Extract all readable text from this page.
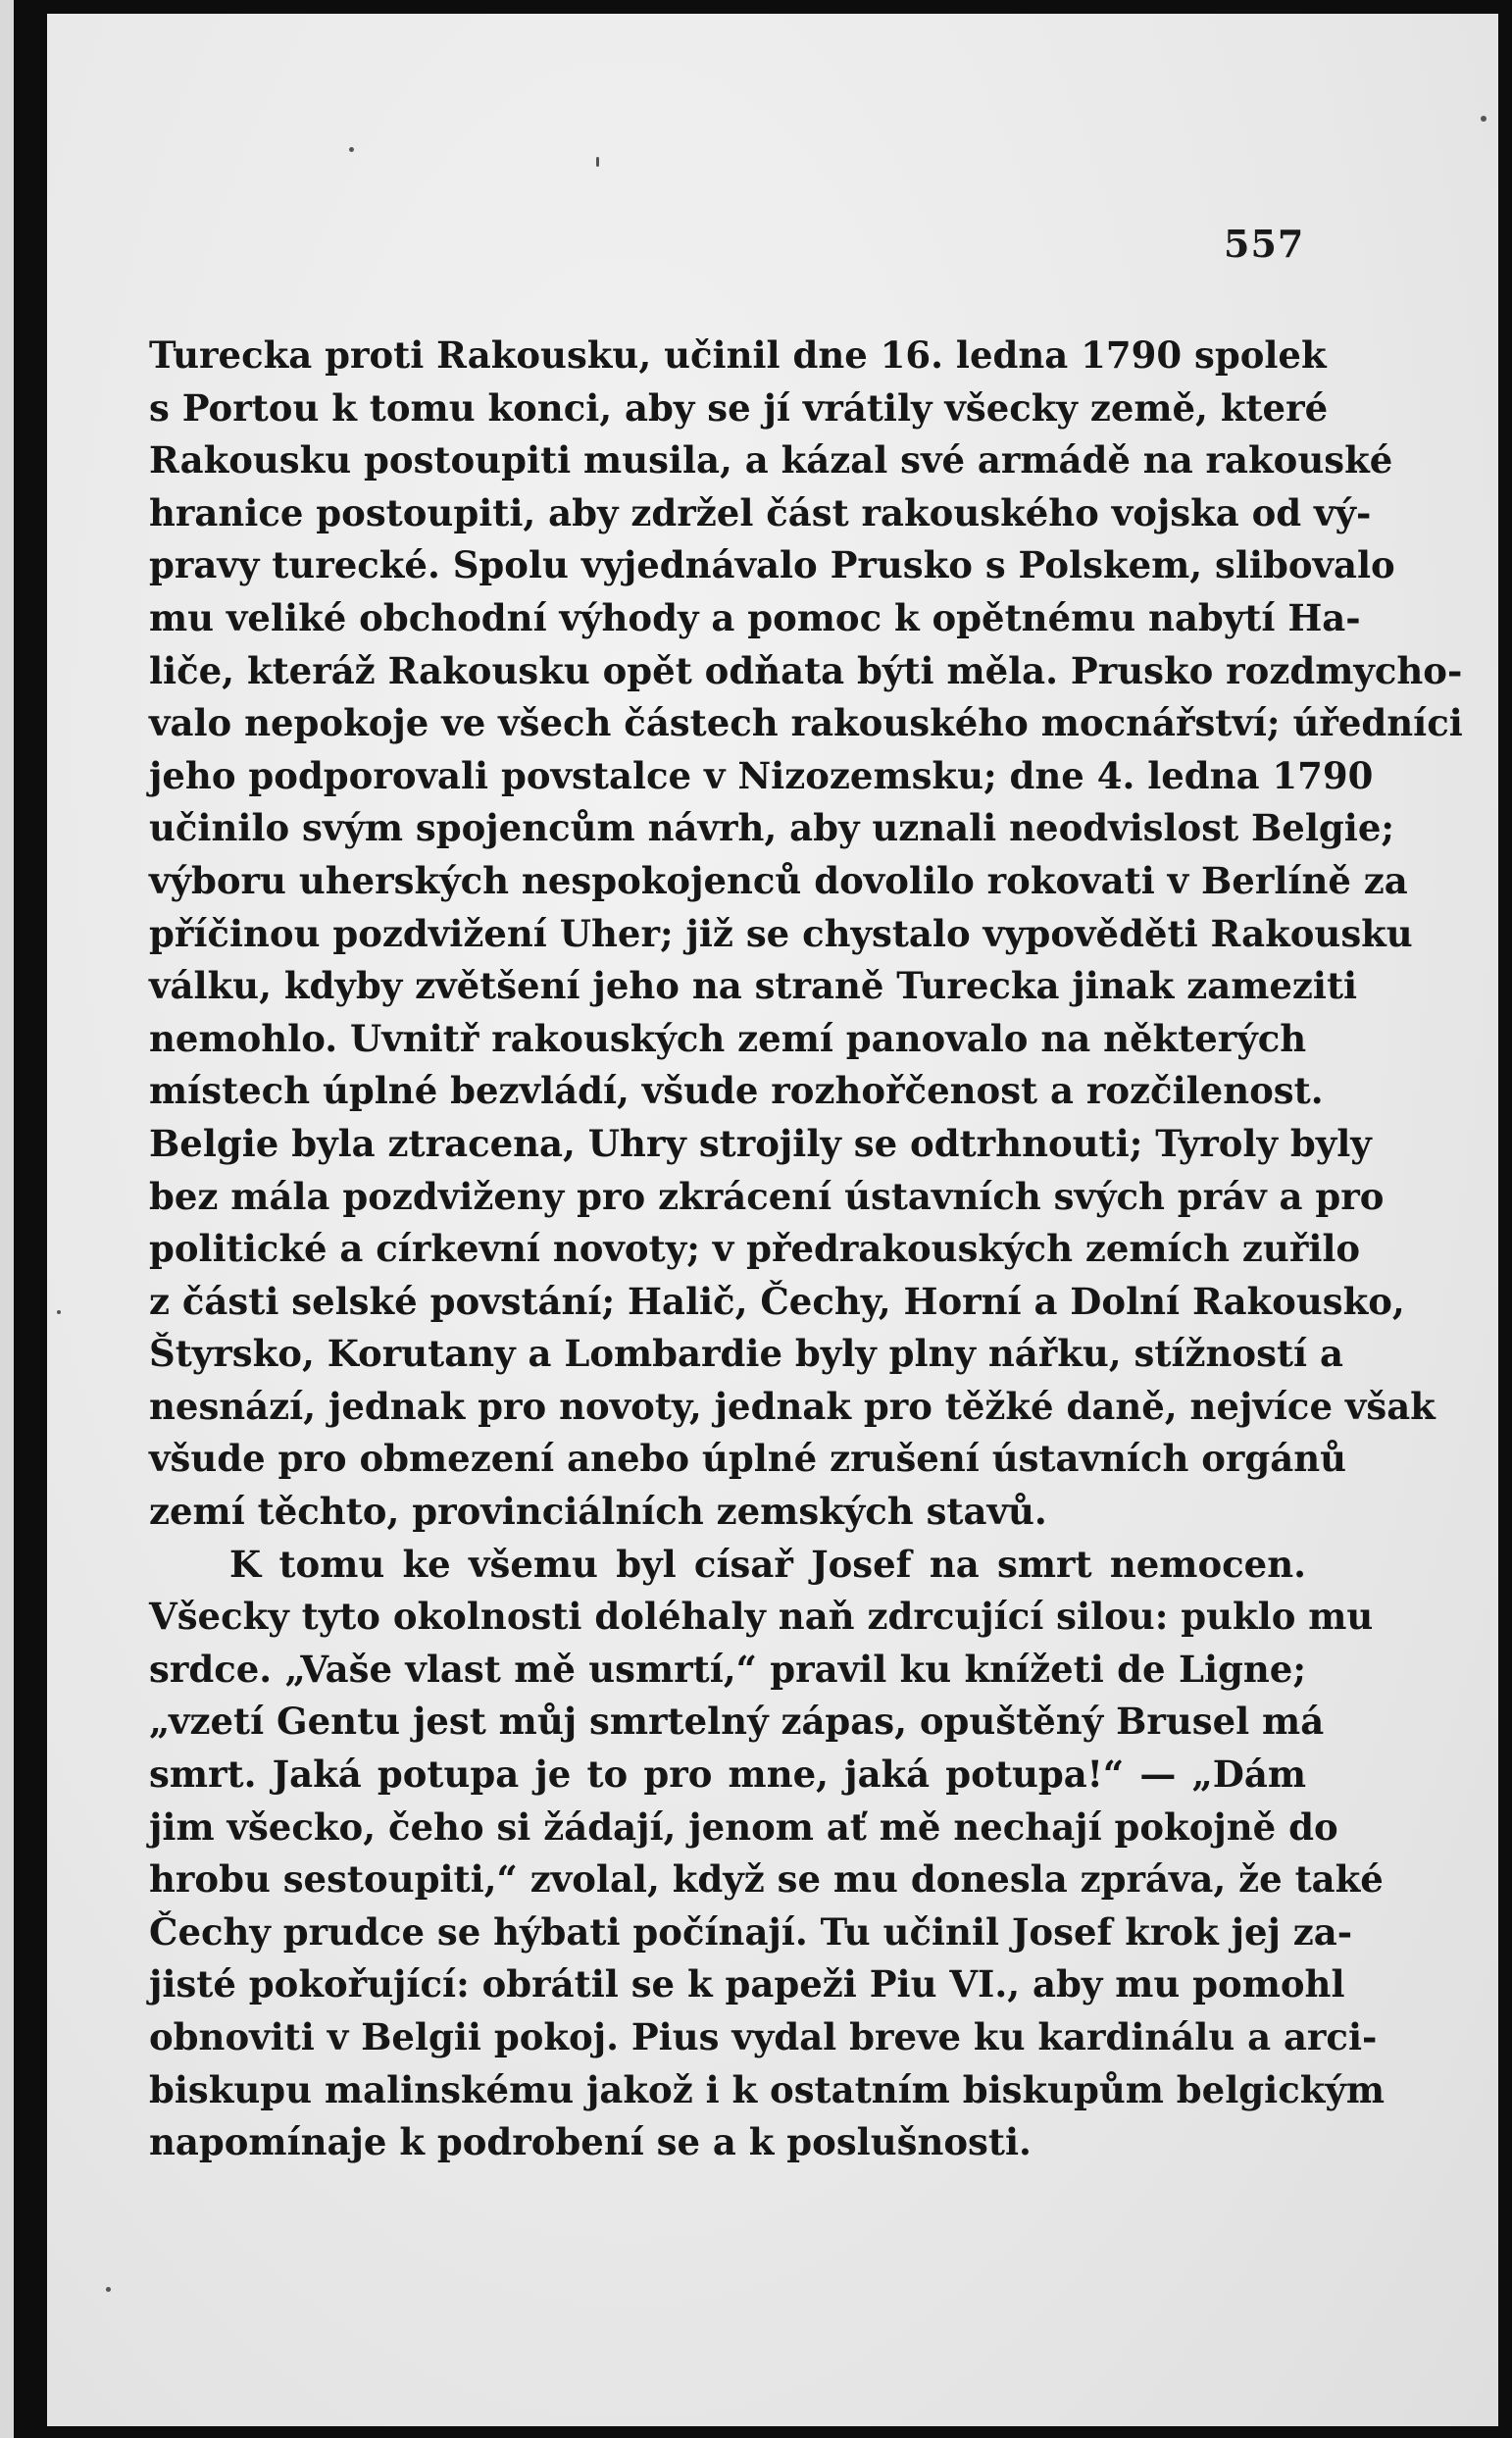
557
Turecka proti Rakousku, učinil dne 16. ledna 1790 spolek
s Portou k tomu konci, aby se jí vrátily všecky země, které
Rakousku postoupiti musila, a kázal své armádě na rakouské
hranice postoupiti, aby zdržel část rakouského vojska od vý-
pravy turecké. Spolu vyjednávalo Prusko s Polskem, slibovalo
mu veliké obchodní výhody a pomoc k opětnému nabytí Ha-
liče, kteráž Rakousku opět odňata býti měla. Prusko rozdmycho-
valo nepokoje ve všech částech rakouského mocnářství; úředníci
jeho podporovali povstalce v Nizozemsku; dne 4. ledna 1790
učinilo svým spojencům návrh, aby uznali neodvislost Belgie;
výboru uherských nespokojenců dovolilo rokovati v Berlíně za
příčinou pozdvižení Uher; již se chystalo vypověděti Rakousku
válku, kdyby zvětšení jeho na straně Turecka jinak zameziti
nemohlo. Uvnitř rakouských zemí panovalo na některých
místech úplné bezvládí, všude rozhořčenost a rozčilenost.
Belgie byla ztracena, Uhry strojily se odtrhnouti; Tyroly byly
bez mála pozdviženy pro zkrácení ústavních svých práv a pro
politické a církevní novoty; v předrakouských zemích zuřilo
z části selské povstání; Halič, Čechy, Horní a Dolní Rakousko,
Štyrsko, Korutany a Lombardie byly plny nářku, stížností a
nesnází, jednak pro novoty, jednak pro těžké daně, nejvíce však
všude pro obmezení anebo úplné zrušení ústavních orgánů
zemí těchto, provinciálních zemských stavů.
K tomu ke všemu byl císař Josef na smrt nemocen.
Všecky tyto okolnosti doléhaly naň zdrcující silou: puklo mu
srdce. „Vaše vlast mě usmrtí,“ pravil ku knížeti de Ligne;
„vzetí Gentu jest můj smrtelný zápas, opuštěný Brusel má
smrt. Jaká potupa je to pro mne, jaká potupa!“ — „Dám
jim všecko, čeho si žádají, jenom ať mě nechají pokojně do
hrobu sestoupiti,“ zvolal, když se mu donesla zpráva, že také
Čechy prudce se hýbati počínají. Tu učinil Josef krok jej za-
jisté pokořující: obrátil se k papeži Piu VI., aby mu pomohl
obnoviti v Belgii pokoj. Pius vydal breve ku kardinálu a arci-
biskupu malinskému jakož i k ostatním biskupům belgickým
napomínaje k podrobení se a k poslušnosti.
